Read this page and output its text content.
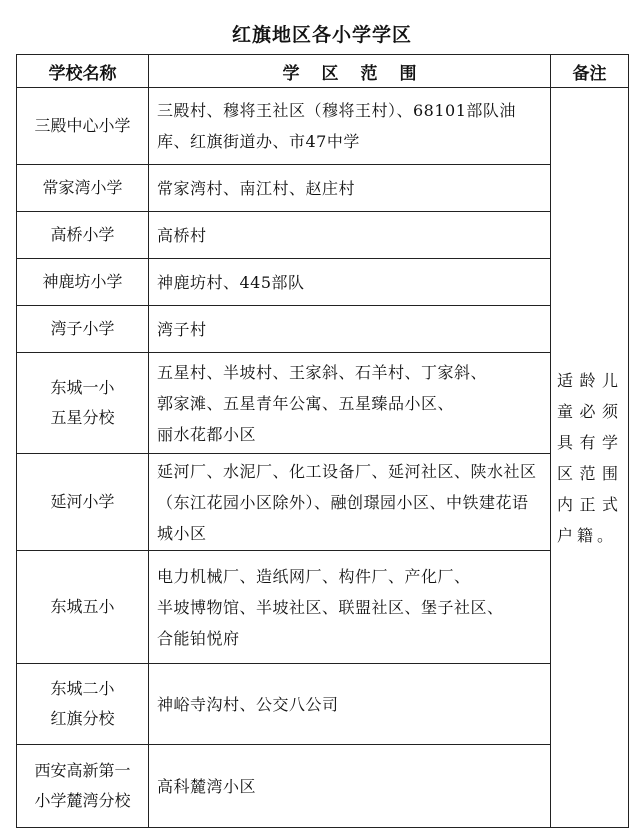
红旗地区各小学学区
学校名称	学区范围	备注
三殿中心小学	三殿村、穆将王社区（穆将王村）、68101部队油库、红旗街道办、市47中学	适龄儿童必须具有学区范围内正式户籍。
常家湾小学	常家湾村、南江村、赵庄村	
高桥小学	高桥村	
神鹿坊小学	神鹿坊村、445部队	
湾子小学	湾子村	
东城一小
五星分校	五星村、半坡村、王家斜、石羊村、丁家斜、
郭家滩、五星青年公寓、五星臻品小区、
丽水花都小区	
延河小学	延河厂、水泥厂、化工设备厂、延河社区、陕水社区（东江花园小区除外）、融创璟园小区、中铁建花语城小区	
东城五小	电力机械厂、造纸网厂、构件厂、产化厂、
半坡博物馆、半坡社区、联盟社区、堡子社区、
合能铂悦府	
东城二小
红旗分校	神峪寺沟村、公交八公司	
西安高新第一
小学麓湾分校	高科麓湾小区	
